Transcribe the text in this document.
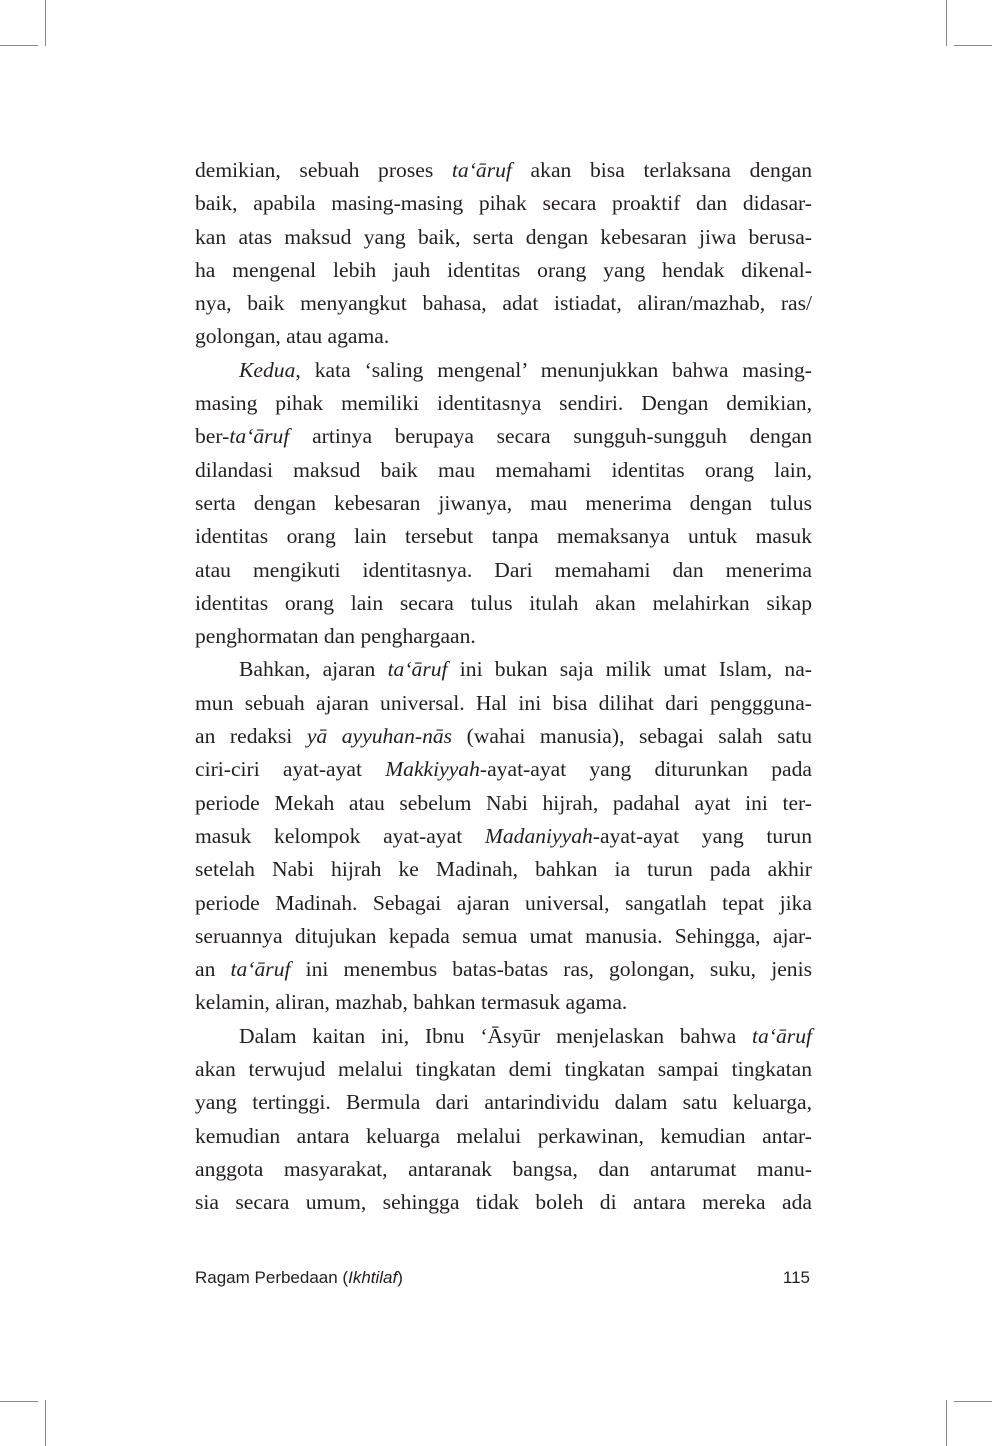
demikian, sebuah proses ta‘āruf akan bisa terlaksana dengan
baik, apabila masing-masing pihak secara proaktif dan didasar-
kan atas maksud yang baik, serta dengan kebesaran jiwa berusa-
ha mengenal lebih jauh identitas orang yang hendak dikenal-
nya, baik menyangkut bahasa, adat istiadat, aliran/mazhab, ras/
golongan, atau agama.
Kedua, kata ‘saling mengenal’ menunjukkan bahwa masing-
masing pihak memiliki identitasnya sendiri. Dengan demikian,
ber-ta‘āruf artinya berupaya secara sungguh-sungguh dengan
dilandasi maksud baik mau memahami identitas orang lain,
serta dengan kebesaran jiwanya, mau menerima dengan tulus
identitas orang lain tersebut tanpa memaksanya untuk masuk
atau mengikuti identitasnya. Dari memahami dan menerima
identitas orang lain secara tulus itulah akan melahirkan sikap
penghormatan dan penghargaan.
Bahkan, ajaran ta‘āruf ini bukan saja milik umat Islam, na-
mun sebuah ajaran universal. Hal ini bisa dilihat dari penggguna-
an redaksi yā ayyuhan-nās (wahai manusia), sebagai salah satu
ciri-ciri ayat-ayat Makkiyyah-ayat-ayat yang diturunkan pada
periode Mekah atau sebelum Nabi hijrah, padahal ayat ini ter-
masuk kelompok ayat-ayat Madaniyyah-ayat-ayat yang turun
setelah Nabi hijrah ke Madinah, bahkan ia turun pada akhir
periode Madinah. Sebagai ajaran universal, sangatlah tepat jika
seruannya ditujukan kepada semua umat manusia. Sehingga, ajar-
an ta‘āruf ini menembus batas-batas ras, golongan, suku, jenis
kelamin, aliran, mazhab, bahkan termasuk agama.
Dalam kaitan ini, Ibnu ‘Āsyūr menjelaskan bahwa ta‘āruf
akan terwujud melalui tingkatan demi tingkatan sampai tingkatan
yang tertinggi. Bermula dari antarindividu dalam satu keluarga,
kemudian antara keluarga melalui perkawinan, kemudian antar-
anggota masyarakat, antaranak bangsa, dan antarumat manu-
sia secara umum, sehingga tidak boleh di antara mereka ada
Ragam Perbedaan (Ikhtilaf)	115
